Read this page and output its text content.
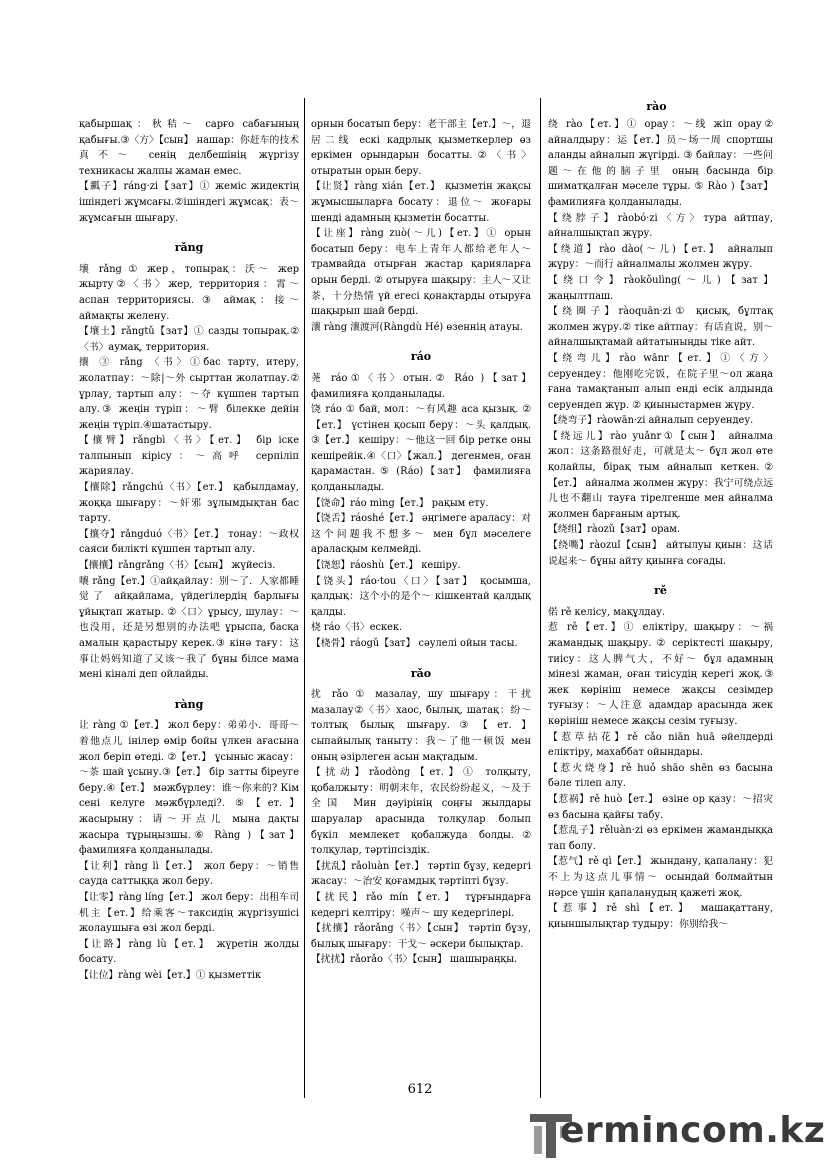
rào
қабыршақ：秋秸～ сарғо сабағының қабығы.③〈方〉【сын】 нашар：你赶车的技术真不～ сенің делбешінің жүргізу техникасы жалпы жаман емес.
【瓤子】ráng·zi【зат】① жеміс жидектің ішіндегі жұмсағы.②ішіндегі жұмсақ：表～ жұмсағын шығару.
rǎng
壤 rǎng ① жер，топырақ：沃～ жер жырту②〈书〉жер, территория：霄～ аспан территориясы. ③ аймақ：接～ аймақты желену.
【壤土】rǎngtǔ【зат】① сазды топырақ.②〈书〉аумақ, территория.
攘 ③ rǎng 〈书〉①бас тарту, итеру, жолатпау：～除|～外 сырттан жолатпау.② ұрлау, тартып алу：～夺 күшпен тартып алу.③ жеңін түріп：～臂 білекке дейін жеңін түріп.④шатастыру.
【攘臂】rǎngbì〈书〉【ет.】 бір іске талпынып кірісу：～高呼 серпіліп жариялау.
【攘除】rǎngchú〈书〉【ет.】 қабылдамау, жоққа шығару：～奸邪 зұлымдықтан бас тарту.
【攘夺】rǎngduó〈书〉【ет.】 тонау：～政权 саяси билікті күшпен тартып алу.
【攘攘】rǎngrǎng〈书〉【сын】 жүйесіз.
嚷 rǎng【ет.】①айқайлау：别～了．人家都睡觉了 айқайлама, үйдегілердің барлығы ұйықтап жатыр. ②〈口〉ұрысу, шулау：～也没用，还是另想别的办法吧 ұрыспа, басқа амалын қарастыру керек.③ кінә тағу：这事让妈妈知道了又该～我了 бұны білсе мама мені кіналі деп ойлайды.
ràng
让 ràng ①【ет.】 жол беру：弟弟小．哥哥～着他点儿 інілер өмір бойы үлкен ағасына жол беріп өтеді. ②【ет.】 ұсыныс жасау：～茶 шай ұсыну.③【ет.】 бір затты біреуге беру.④【ет.】 мәжбүрлеу：谁～你来的? Кім сені келуге мәжбүрледі?. ⑤【ет.】 жасырыну：请～开点儿 мына дақты жасыра тұрыңызшы.⑥ Ràng )【зат】 фамилияға қолданылады.
【让利】ràng lì【ет.】 жол беру：～销售 сауда саттыққа жол беру.
【让零】ràng líng【ет.】 жол беру：出租车司机主【ет.】给乘客～такcидің жүргізушісі жолаушыға өзі жол берді.
【让路】ràng lù【ет.】 жүретін жолды босату.
【让位】ràng wèi【ет.】① қызметтік
орнын босатып беру：老干部主【ет.】～，退居二线 ескі кадрлық қызметкерлер өз еркімен орындарын босатты.②〈书〉отыратын орын беру.
【让贤】ràng xián【ет.】 қызметін жақсы жұмысшыларға босату：退位～ жоғары шендi адамның қызметін босатты.
【让座】ràng zuò(～儿)【ет.】① орын босатып беру：电车上青年人都给老年人～ трамвайда отырған жастар қарияларға орын берді. ② отыруға шақыру：主人～又让茶，十分热情 үй егесі қонақтарды отыруға шақырып шай берді.
瀼 ràng 瀼渡河(Ràngdù Hé) өзеннің атауы.
ráo
荛 ráo①〈书〉отын.② Ráo )【зат】 фамилияға қолданылады.
饶 ráo ① бай, мол：～有风趣 аса қызық. ②【ет.】 үстінен қосып беру：～头 қалдық. ③【ет.】 кешіру：～他这一回 бір ретке оны кешірейік.④〈口〉【жал.】 дегенмен, оған қарамастан. ⑤ (Ráo)【зат】 фамилияға қолданылады.
【饶命】ráo mìng【ет.】 рақым ету.
【饶舌】ráoshé【ет.】 әңгімеге араласу：对这个问题我不想多～ мен бұл мәселеге араласқым келмейді.
【饶恕】ráoshù【ет.】 кешіру.
【饶头】ráo·tou〈口〉【зат】 қосымша, қалдық：这个小的是个～ кішкентай қалдық қалды.
桡 ráo〈书〉ескек.
【桡骨】ráogǔ【зат】 сәулелі ойын тасы.
rǎo
扰 rǎo ① мазалау, шу шығару：干扰 мазалау②〈书〉хаос, былық, шатақ：纷～ толтық былық шығару.③【ет.】 сыпайылық таныту：我～了他一顿饭 мен оның әзірлеген асын мақтадым.
【扰动】rǎodòng【ет.】① толқыту, қобалжыту：明朝末年，农民纷纷起义，～及于全国 Мин дәуірінің соңғы жылдары шаруалар арасында толқулар болып бүкіл мемлекет қобалжуда болды.② толқулар, тәртіпсіздік.
【扰乱】rǎoluàn【ет.】 тәртіп бұзу, кедергі жасау：～治安 қоғамдық тәртіпті бұзу.
【扰民】rǎo mín【ет.】 тұрғындарға кедергі келтіру：噪声～ шу кедергілері.
【扰攘】rǎorǎng〈书〉【сын】 тәртіп бұзу, былық шығару：干戈～ әскери былықтар.
【扰扰】rǎorǎo〈书〉【сын】 шашыраңқы.
绕 rào【ет.】① орау：～线 жіп орау② айналдыру：运【ет.】员～场一周 спортшы аланды айналып жүгірді. ③ байлау：一些问题～在他的脑子里 оның басында бір шиматқалған мәселе тұры. ⑤ Rào )【зат】 фамилияға қолданылады.
【绕脖子】ràobó·zi〈方〉тура айтпау, айналшықтап жүру.
【绕道】rào dào(～儿)【ет.】 айналып жүру：～而行 айналмалы жолмен жүру.
【绕口令】ràokǒulìng(～儿)【зат】 жаңылтпаш.
【绕圈子】ràoquān·zi① қисық, бұлтақ жолмен жүру.② тіке айтпау：有话直说，别～ айналшықтамай айтатыныңды тіке айт.
【绕弯儿】rào wānr【ет.】①〈方〉серуендеу：他刚吃完饭，在院子里～ол жаңа ғана тамақтанып алып енді есік алдында серуендеп жүр. ② қиыныстармен жүру.
【绕弯子】ràowān·zi айналып серуендеу.
【绕远儿】rào yuǎnr①【сын】 айналма жол：这条路很好走，可就是太～ бұл жол өте қолайлы, бірақ тым айналып кеткен.②【ет.】 айналма жолмен жүру：我宁可绕点远儿也不翻山 тауға тірелгенше мен айналма жолмен барғаным артық.
【绕组】ràozǔ【зат】орам.
【绕嘴】ràozuǐ【сын】 айтылуы қиын：这话说起来～ бұны айту қиынға соғады.
rě
偌 rě келісу, мақұлдау.
惹 rě【ет.】① еліктіру, шақыру：～祸 жамандық шақыру. ② серіктесті шақыру, тиісу：这人脾气大，不好～ бұл адамның мінезі жаман, оған тиісудің керегі жоқ.③ жек көрініш немесе жақсы сезімдер туғызу：～人注意 адамдар арасында жек көрініш немесе жақсы сезім туғызу.
【惹草拈花】rě cǎo niān huā әйелдерді еліктіру, махаббат ойындары.
【惹火烧身】rě huǒ shāo shēn өз басына бәле тілеп алу.
【惹祸】rě huò【ет.】 өзіне ор қазу：～招灾 өз басына қайғы табу.
【惹乱子】rěluàn·zi өз еркімен жамандыққа тап болу.
【惹气】rě qì【ет.】 жындану, қапалану：犯不上为这点儿事情～ осындай болмайтын нәрсе үшін қапаланудың қажеті жоқ.
【惹事】rě shì【ет.】 машақаттану, қиыншылықтар тудыру：你别给我～
612
ermincom.kz
